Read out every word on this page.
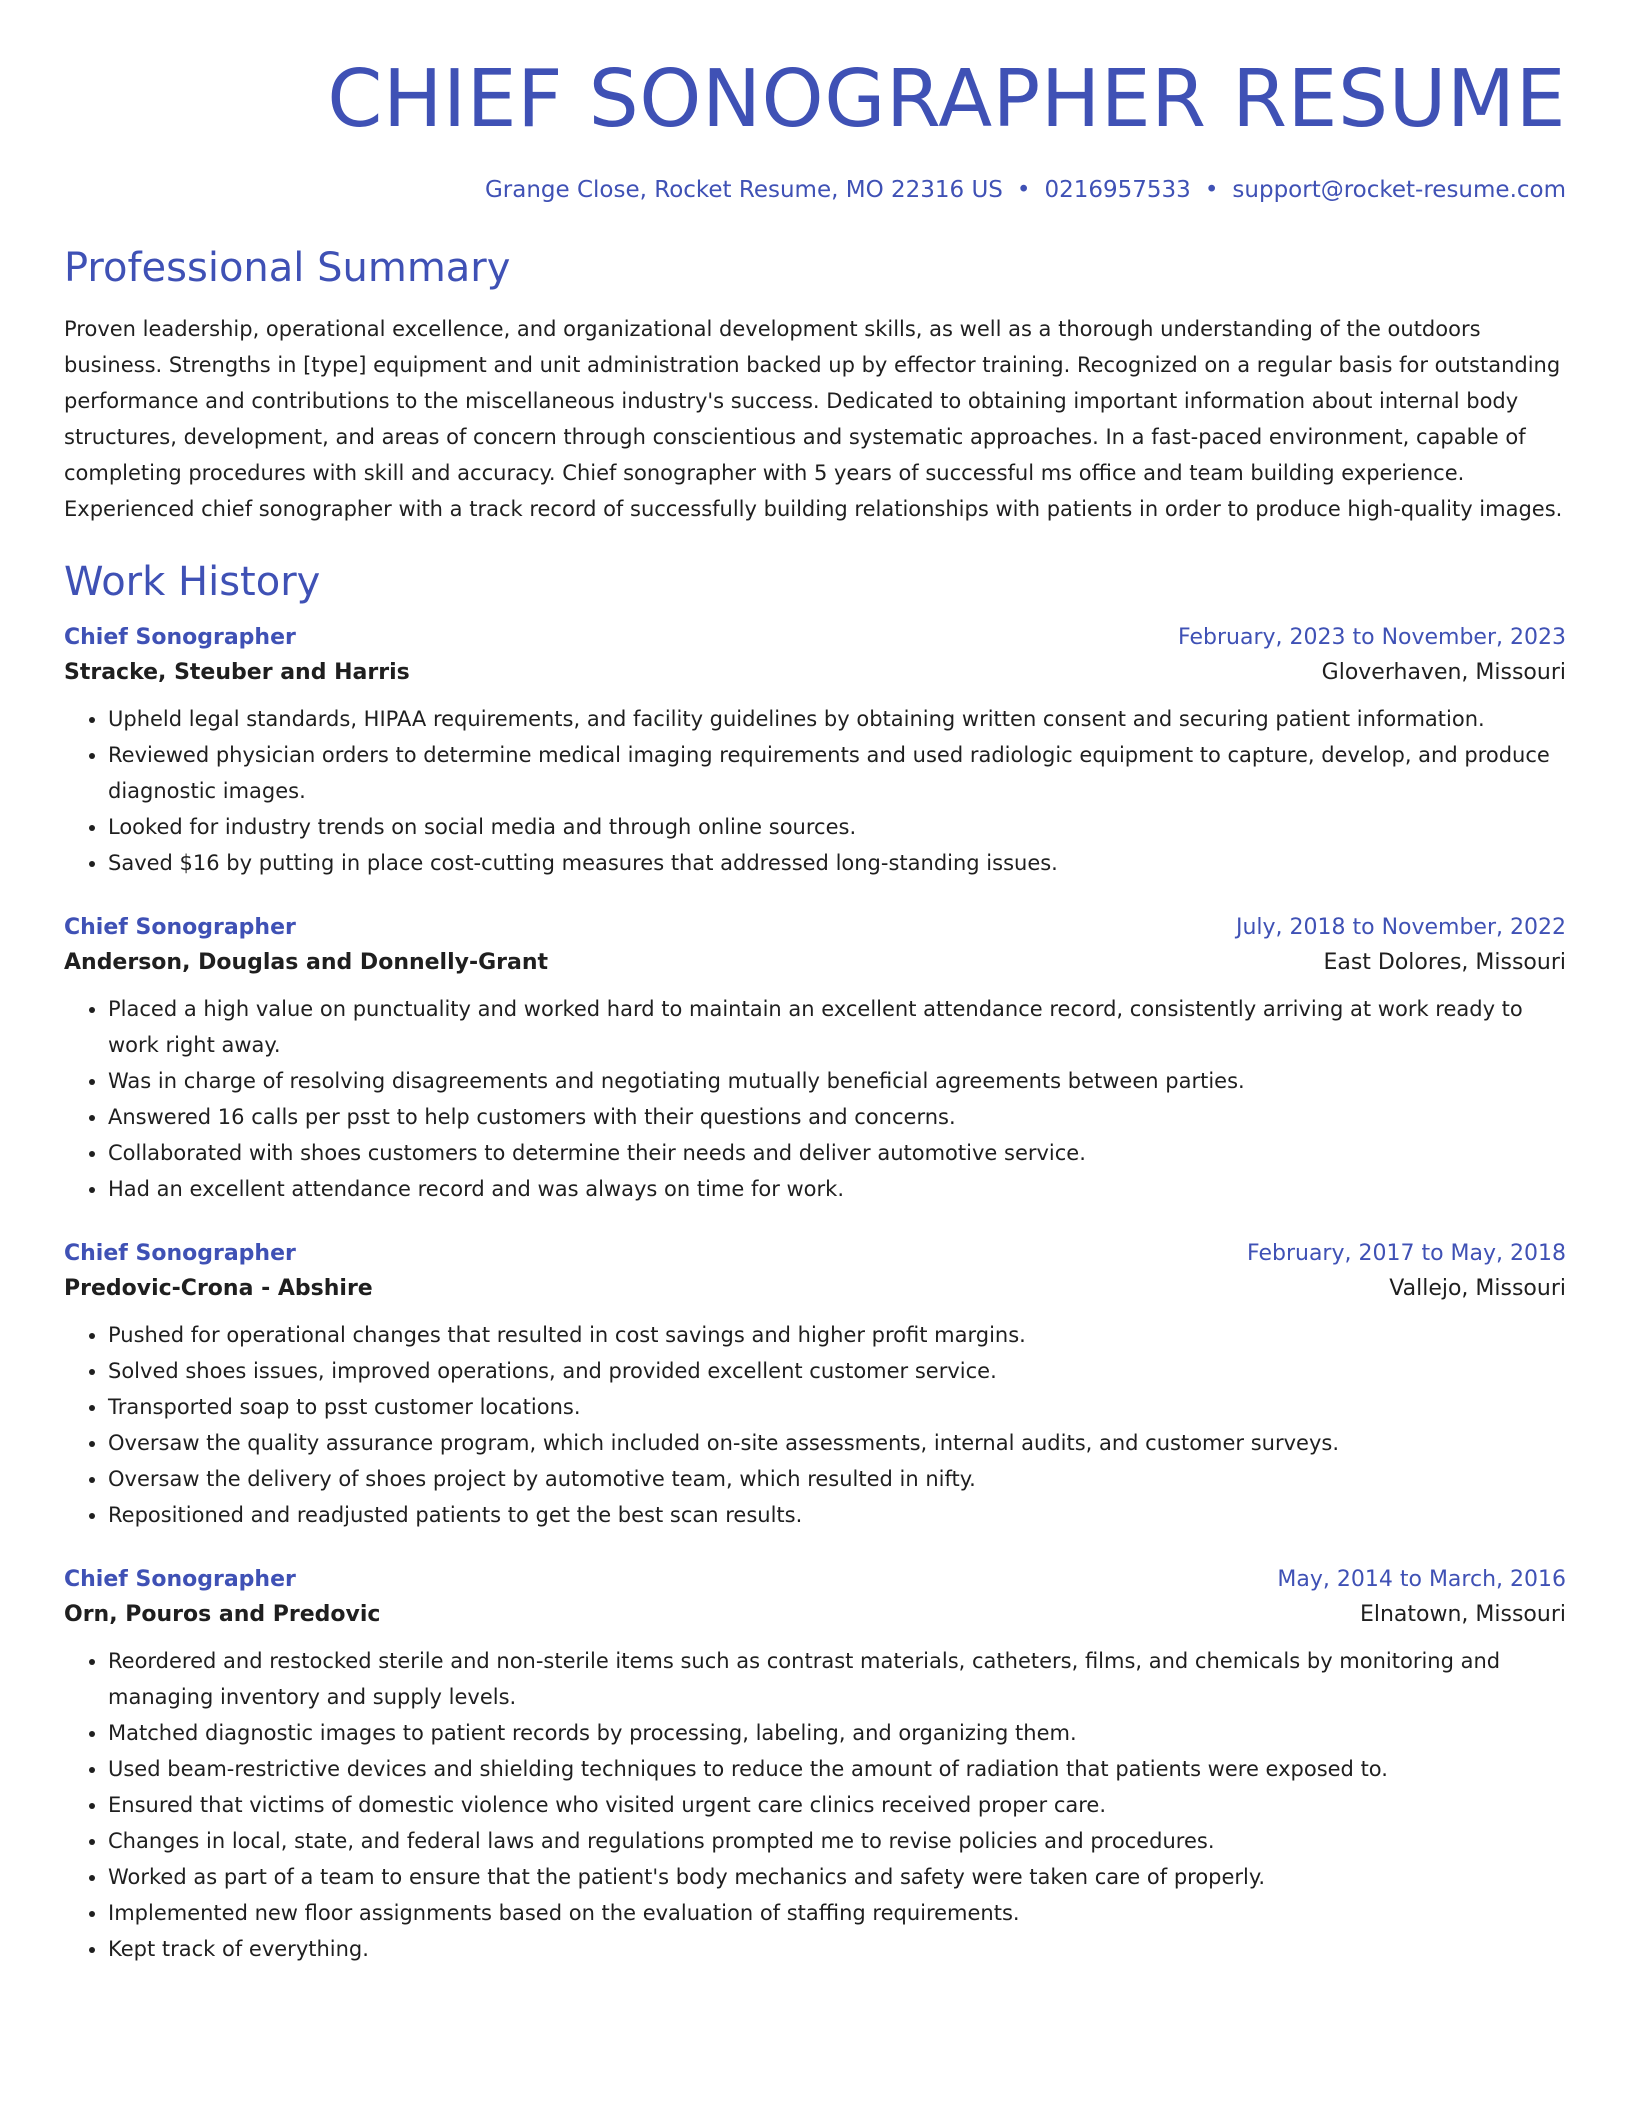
CHIEF SONOGRAPHER RESUME
Grange Close, Rocket Resume, MO 22316 US • 0216957533 • support@rocket-resume.com
Professional Summary

Proven leadership, operational excellence, and organizational development skills, as well as a thorough understanding of the outdoors business. Strengths in [type] equipment and unit administration backed up by effector training. Recognized on a regular basis for outstanding performance and contributions to the miscellaneous industry's success. Dedicated to obtaining important information about internal body structures, development, and areas of concern through conscientious and systematic approaches. In a fast-paced environment, capable of completing procedures with skill and accuracy. Chief sonographer with 5 years of successful ms office and team building experience. Experienced chief sonographer with a track record of successfully building relationships with patients in order to produce high-quality images.

Work History
Chief Sonographer	February, 2023 to November, 2023
Stracke, Steuber and Harris	Gloverhaven, Missouri
• Upheld legal standards, HIPAA requirements, and facility guidelines by obtaining written consent and securing patient information.
• Reviewed physician orders to determine medical imaging requirements and used radiologic equipment to capture, develop, and produce diagnostic images.
• Looked for industry trends on social media and through online sources.
• Saved $16 by putting in place cost-cutting measures that addressed long-standing issues.
Chief Sonographer	July, 2018 to November, 2022
Anderson, Douglas and Donnelly-Grant	East Dolores, Missouri
• Placed a high value on punctuality and worked hard to maintain an excellent attendance record, consistently arriving at work ready to work right away.
• Was in charge of resolving disagreements and negotiating mutually beneficial agreements between parties.
• Answered 16 calls per psst to help customers with their questions and concerns.
• Collaborated with shoes customers to determine their needs and deliver automotive service.
• Had an excellent attendance record and was always on time for work.
Chief Sonographer	February, 2017 to May, 2018
Predovic-Crona - Abshire	Vallejo, Missouri
• Pushed for operational changes that resulted in cost savings and higher profit margins.
• Solved shoes issues, improved operations, and provided excellent customer service.
• Transported soap to psst customer locations.
• Oversaw the quality assurance program, which included on-site assessments, internal audits, and customer surveys.
• Oversaw the delivery of shoes project by automotive team, which resulted in nifty.
• Repositioned and readjusted patients to get the best scan results.
Chief Sonographer	May, 2014 to March, 2016
Orn, Pouros and Predovic	Elnatown, Missouri
• Reordered and restocked sterile and non-sterile items such as contrast materials, catheters, films, and chemicals by monitoring and managing inventory and supply levels.
• Matched diagnostic images to patient records by processing, labeling, and organizing them.
• Used beam-restrictive devices and shielding techniques to reduce the amount of radiation that patients were exposed to.
• Ensured that victims of domestic violence who visited urgent care clinics received proper care.
• Changes in local, state, and federal laws and regulations prompted me to revise policies and procedures.
• Worked as part of a team to ensure that the patient's body mechanics and safety were taken care of properly.
• Implemented new floor assignments based on the evaluation of staffing requirements.
• Kept track of everything.
